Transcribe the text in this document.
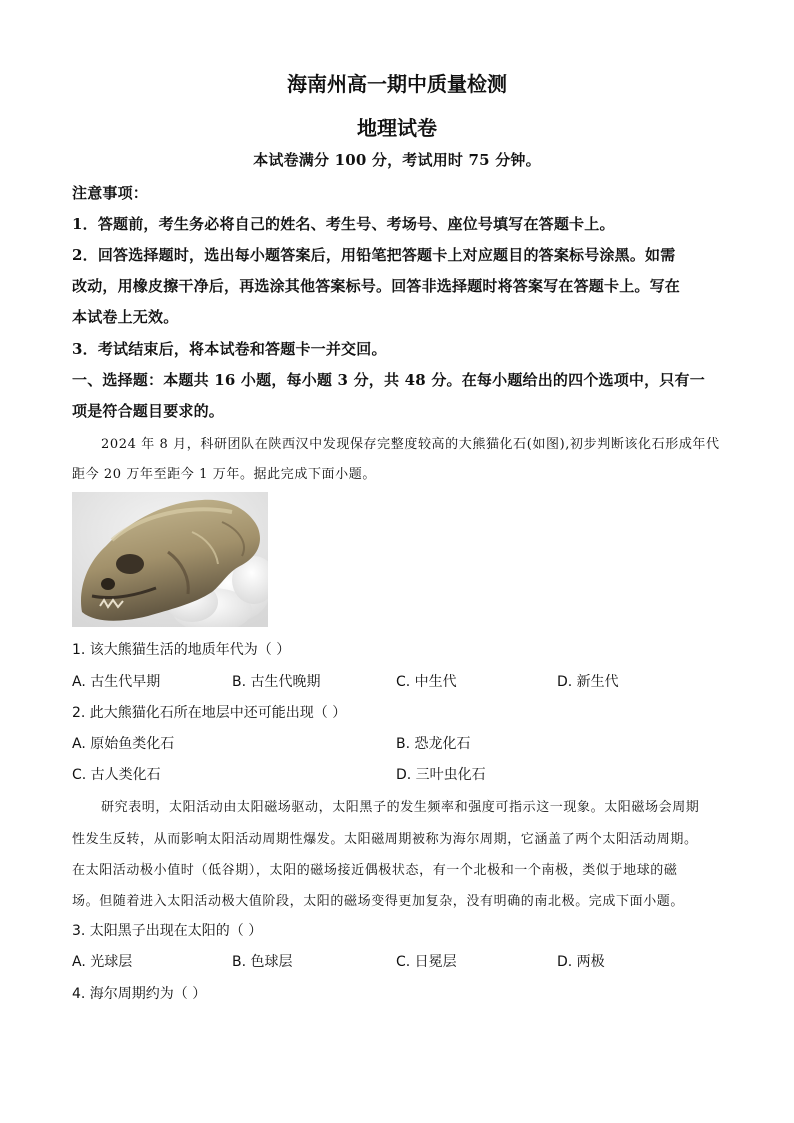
海南州高一期中质量检测
地理试卷
本试卷满分 100 分，考试用时 75 分钟。
注意事项：
1．答题前，考生务必将自己的姓名、考生号、考场号、座位号填写在答题卡上。
2．回答选择题时，选出每小题答案后，用铅笔把答题卡上对应题目的答案标号涂黑。如需
改动，用橡皮擦干净后，再选涂其他答案标号。回答非选择题时将答案写在答题卡上。写在
本试卷上无效。
3．考试结束后，将本试卷和答题卡一并交回。
一、选择题：本题共 16 小题，每小题 3 分，共 48 分。在每小题给出的四个选项中，只有一
项是符合题目要求的。
2024 年 8 月，科研团队在陕西汉中发现保存完整度较高的大熊猫化石(如图),初步判断该化石形成年代
距今 20 万年至距今 1 万年。据此完成下面小题。
1. 该大熊猫生活的地质年代为（ ）
A. 古生代早期	B. 古生代晚期	C. 中生代	D. 新生代
2. 此大熊猫化石所在地层中还可能出现（ ）
A. 原始鱼类化石	B. 恐龙化石
C. 古人类化石	D. 三叶虫化石
研究表明，太阳活动由太阳磁场驱动，太阳黑子的发生频率和强度可指示这一现象。太阳磁场会周期
性发生反转，从而影响太阳活动周期性爆发。太阳磁周期被称为海尔周期，它涵盖了两个太阳活动周期。
在太阳活动极小值时（低谷期），太阳的磁场接近偶极状态，有一个北极和一个南极，类似于地球的磁
场。但随着进入太阳活动极大值阶段，太阳的磁场变得更加复杂，没有明确的南北极。完成下面小题。
3. 太阳黑子出现在太阳的（ ）
A. 光球层	B. 色球层	C. 日冕层	D. 两极
4. 海尔周期约为（ ）
